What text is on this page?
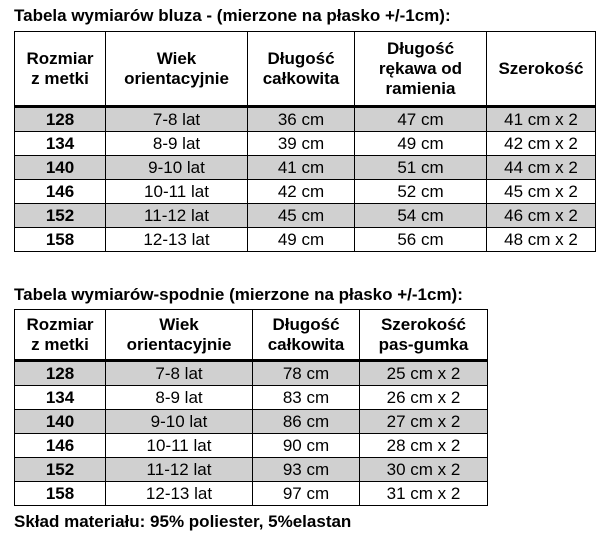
Tabela wymiarów bluza - (mierzone na płasko +/-1cm):
Rozmiar z metki	Wiek orientacyjnie	Długość całkowita	Długość rękawa od ramienia	Szerokość
128	7-8 lat	36 cm	47 cm	41 cm x 2
134	8-9 lat	39 cm	49 cm	42 cm x 2
140	9-10 lat	41 cm	51 cm	44 cm x 2
146	10-11 lat	42 cm	52 cm	45 cm x 2
152	11-12 lat	45 cm	54 cm	46 cm x 2
158	12-13 lat	49 cm	56 cm	48 cm x 2
Tabela wymiarów-spodnie (mierzone na płasko +/-1cm):
Rozmiar z metki	Wiek orientacyjnie	Długość całkowita	Szerokość pas-gumka
128	7-8 lat	78 cm	25 cm x 2
134	8-9 lat	83 cm	26 cm x 2
140	9-10 lat	86 cm	27 cm x 2
146	10-11 lat	90 cm	28 cm x 2
152	11-12 lat	93 cm	30 cm x 2
158	12-13 lat	97 cm	31 cm x 2
Skład materiału: 95% poliester, 5%elastan
